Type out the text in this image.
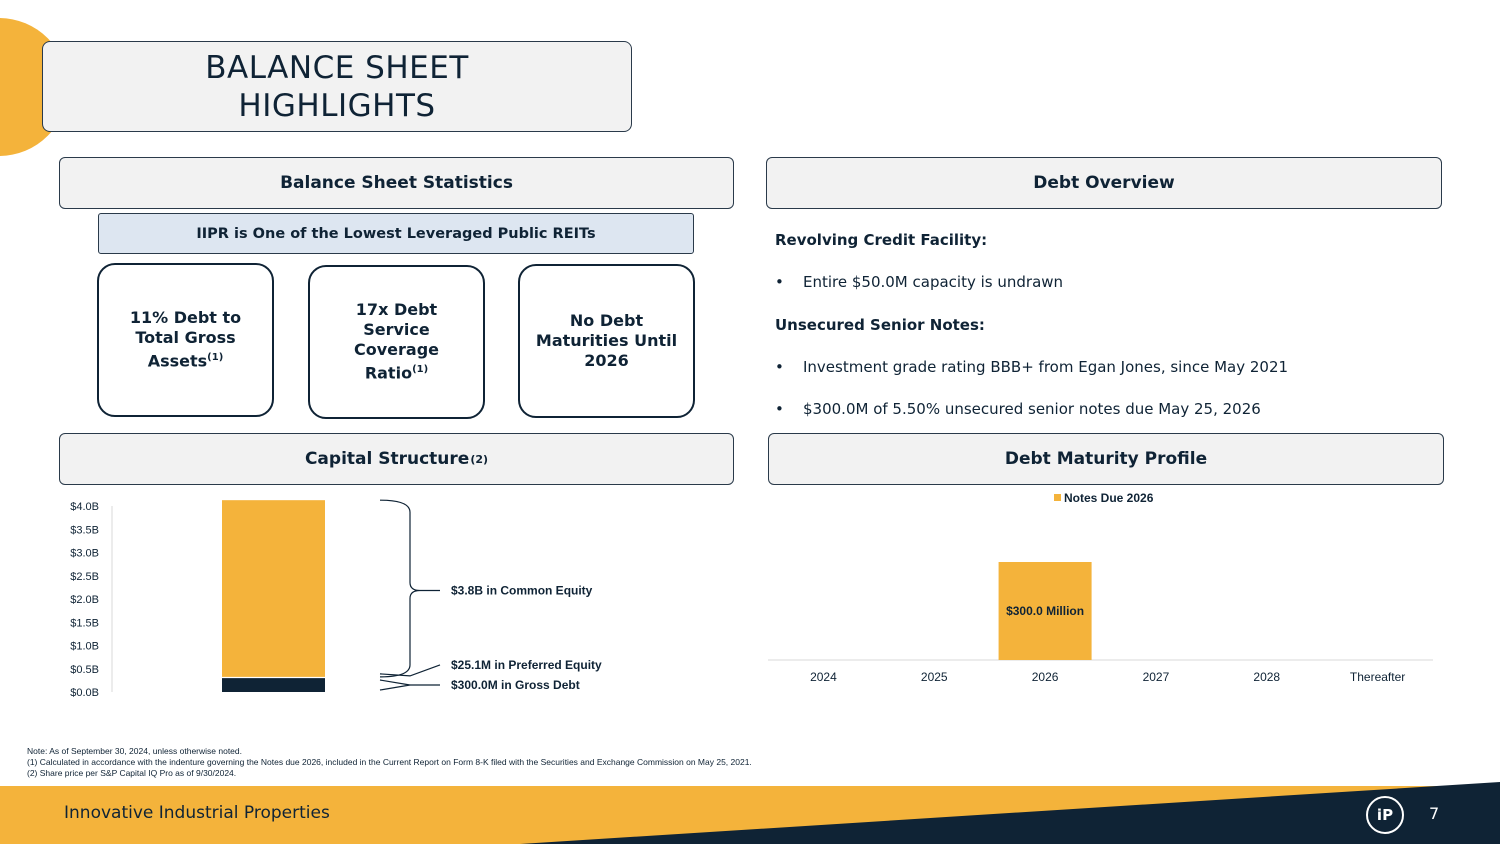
BALANCE SHEET
HIGHLIGHTS
Balance Sheet Statistics	Debt Overview
Capital Structure (2)	Debt Maturity Profile
IIPR is One of the Lowest Leveraged Public REITs
11% Debt to Total Gross Assets$^{(1)}$
17x Debt Service Coverage Ratio$^{(1)}$
No Debt Maturities Until 2026
Revolving Credit Facility:
• Entire $50.0M capacity is undrawn
Unsecured Senior Notes:
• Investment grade rating BBB+ from Egan Jones, since May 2021
• $300.0M of 5.50% unsecured senior notes due May 25, 2026
$0.0B
$0.5B
$1.0B
$1.5B
$2.0B
$2.5B
$3.0B
$3.5B
$4.0B
$3.8B in Common Equity
$25.1M in Preferred Equity
$300.0M in Gross Debt
Notes Due 2026
2024	2025	2026
$300.0 Million
2027	2028	Thereafter
Note: As of September 30, 2024, unless otherwise noted.
(1) Calculated in accordance with the indenture governing the Notes due 2026, included in the Current Report on Form 8-K filed with the Securities and Exchange Commission on May 25, 2021.
(2) Share price per S&P Capital IQ Pro as of 9/30/2024.
Innovative Industrial Properties	iP	7
